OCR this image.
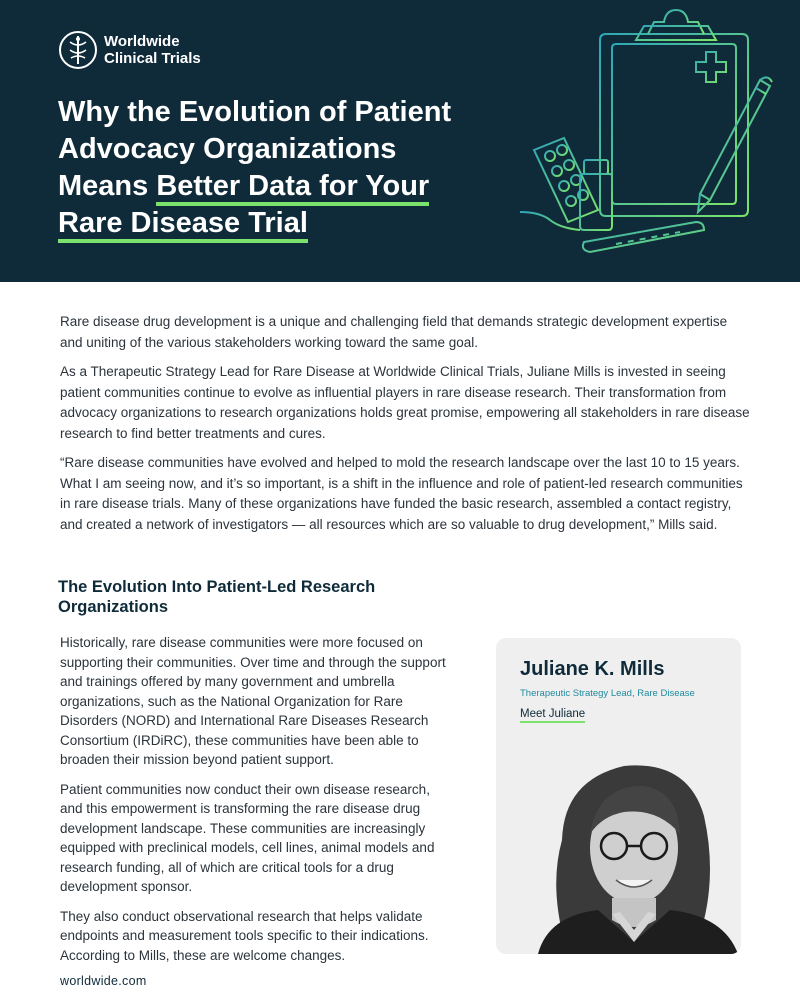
Worldwide
Clinical Trials
Why the Evolution of Patient
Advocacy Organizations
Means Better Data for Your
Rare Disease Trial

Rare disease drug development is a unique and challenging field that demands strategic development expertise and uniting of the various stakeholders working toward the same goal.

As a Therapeutic Strategy Lead for Rare Disease at Worldwide Clinical Trials, Juliane Mills is invested in seeing patient communities continue to evolve as influential players in rare disease research. Their transformation from advocacy organizations to research organizations holds great promise, empowering all stakeholders in rare disease research to find better treatments and cures.

“Rare disease communities have evolved and helped to mold the research landscape over the last 10 to 15 years. What I am seeing now, and it’s so important, is a shift in the influence and role of patient-led research communities in rare disease trials. Many of these organizations have funded the basic research, assembled a contact registry, and created a network of investigators — all resources which are so valuable to drug development,” Mills said.

The Evolution Into Patient-Led Research Organizations

Historically, rare disease communities were more focused on supporting their communities. Over time and through the support and trainings offered by many government and umbrella organizations, such as the National Organization for Rare Disorders (NORD) and International Rare Diseases Research Consortium (IRDiRC), these communities have been able to broaden their mission beyond patient support.

Patient communities now conduct their own disease research, and this empowerment is transforming the rare disease drug development landscape. These communities are increasingly equipped with preclinical models, cell lines, animal models and research funding, all of which are critical tools for a drug development sponsor.

They also conduct observational research that helps validate endpoints and measurement tools specific to their indications. According to Mills, these are welcome changes.

Juliane K. Mills
Therapeutic Strategy Lead, Rare Disease
Meet Juliane
worldwide.com
